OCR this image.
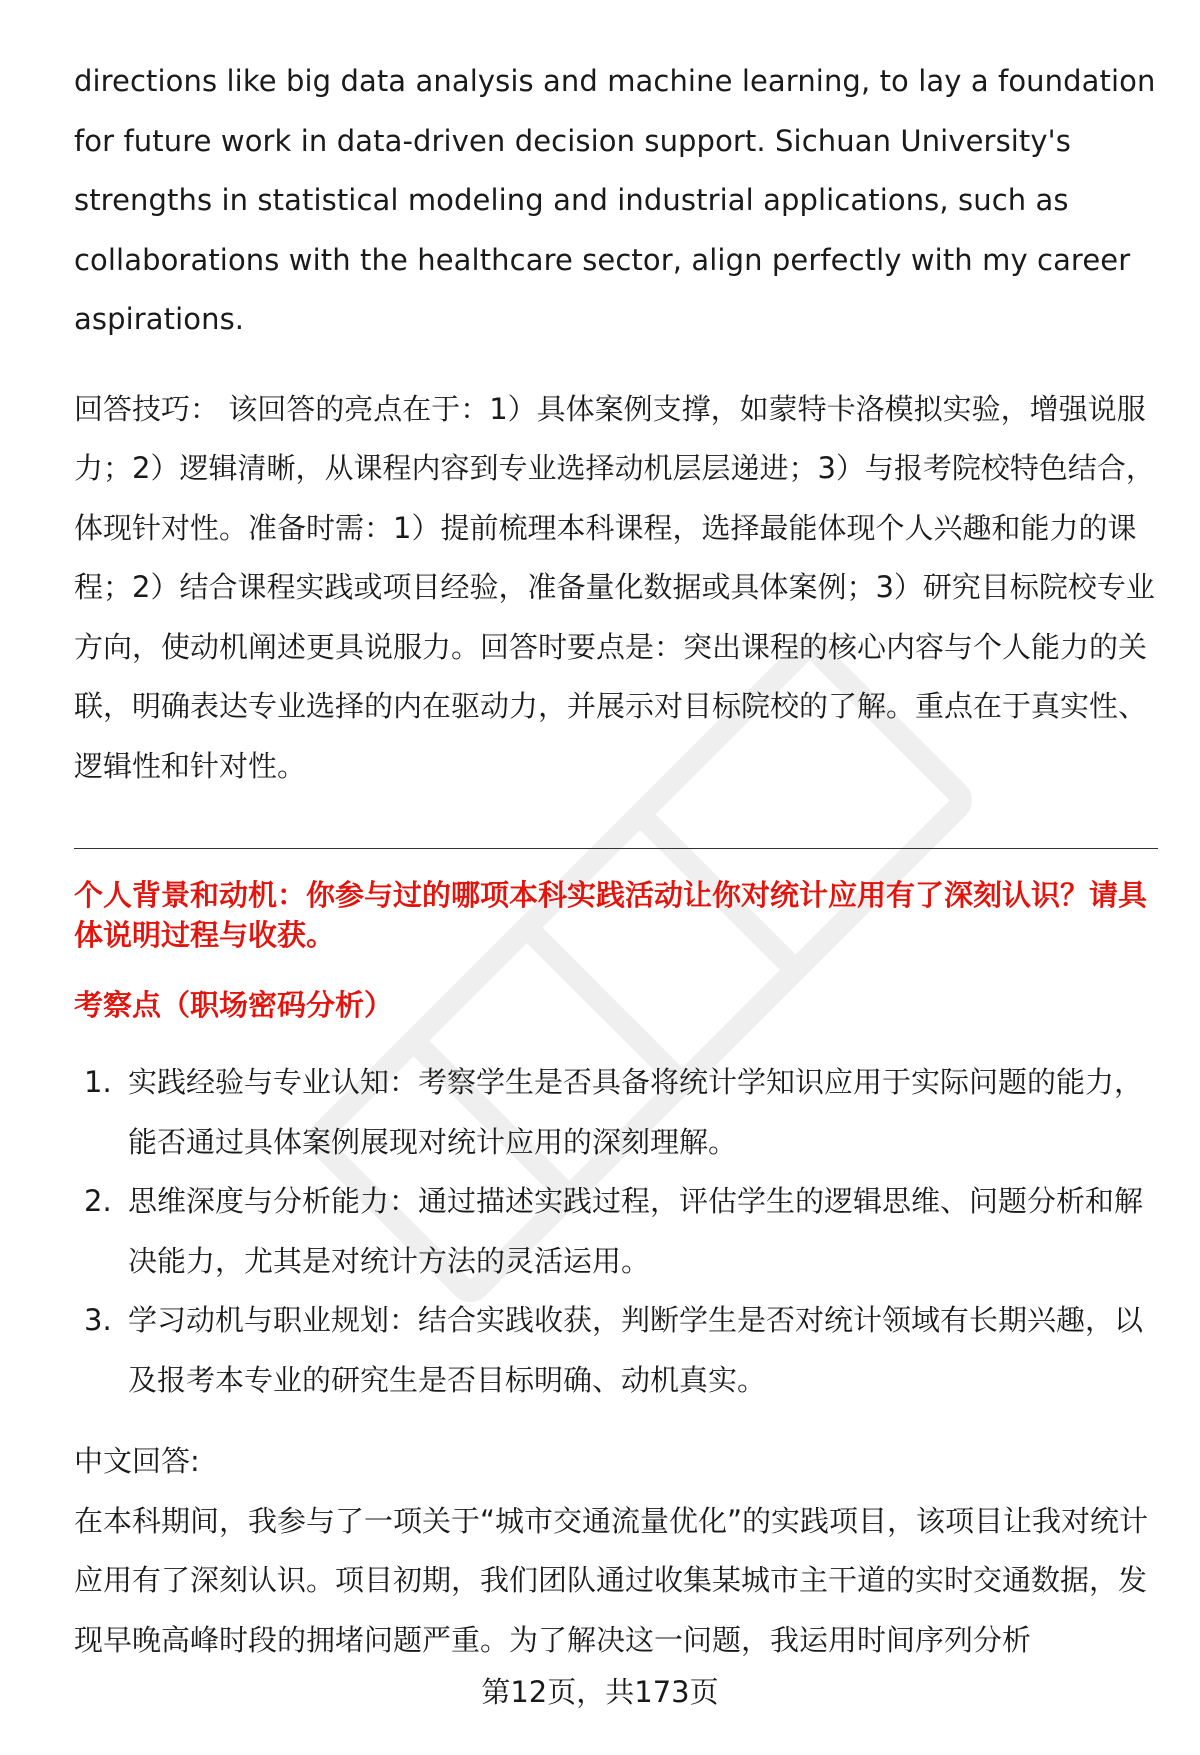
directions like big data analysis and machine learning, to lay a foundation for future work in data-driven decision support. Sichuan University's strengths in statistical modeling and industrial applications, such as collaborations with the healthcare sector, align perfectly with my career aspirations.

回答技巧： 该回答的亮点在于：1）具体案例支撑，如蒙特卡洛模拟实验，增强说服力；2）逻辑清晰，从课程内容到专业选择动机层层递进；3）与报考院校特色结合，体现针对性。准备时需：1）提前梳理本科课程，选择最能体现个人兴趣和能力的课程；2）结合课程实践或项目经验，准备量化数据或具体案例；3）研究目标院校专业方向，使动机阐述更具说服力。回答时要点是：突出课程的核心内容与个人能力的关联，明确表达专业选择的内在驱动力，并展示对目标院校的了解。重点在于真实性、逻辑性和针对性。

个人背景和动机：你参与过的哪项本科实践活动让你对统计应用有了深刻认识？请具体说明过程与收获。

考察点（职场密码分析）

1. 实践经验与专业认知：考察学生是否具备将统计学知识应用于实际问题的能力，能否通过具体案例展现对统计应用的深刻理解。
2. 思维深度与分析能力：通过描述实践过程，评估学生的逻辑思维、问题分析和解决能力，尤其是对统计方法的灵活运用。
3. 学习动机与职业规划：结合实践收获，判断学生是否对统计领域有长期兴趣，以及报考本专业的研究生是否目标明确、动机真实。

中文回答:

在本科期间，我参与了一项关于“城市交通流量优化”的实践项目，该项目让我对统计应用有了深刻认识。项目初期，我们团队通过收集某城市主干道的实时交通数据，发现早晚高峰时段的拥堵问题严重。为了解决这一问题，我运用时间序列分析

第12页，共173页
